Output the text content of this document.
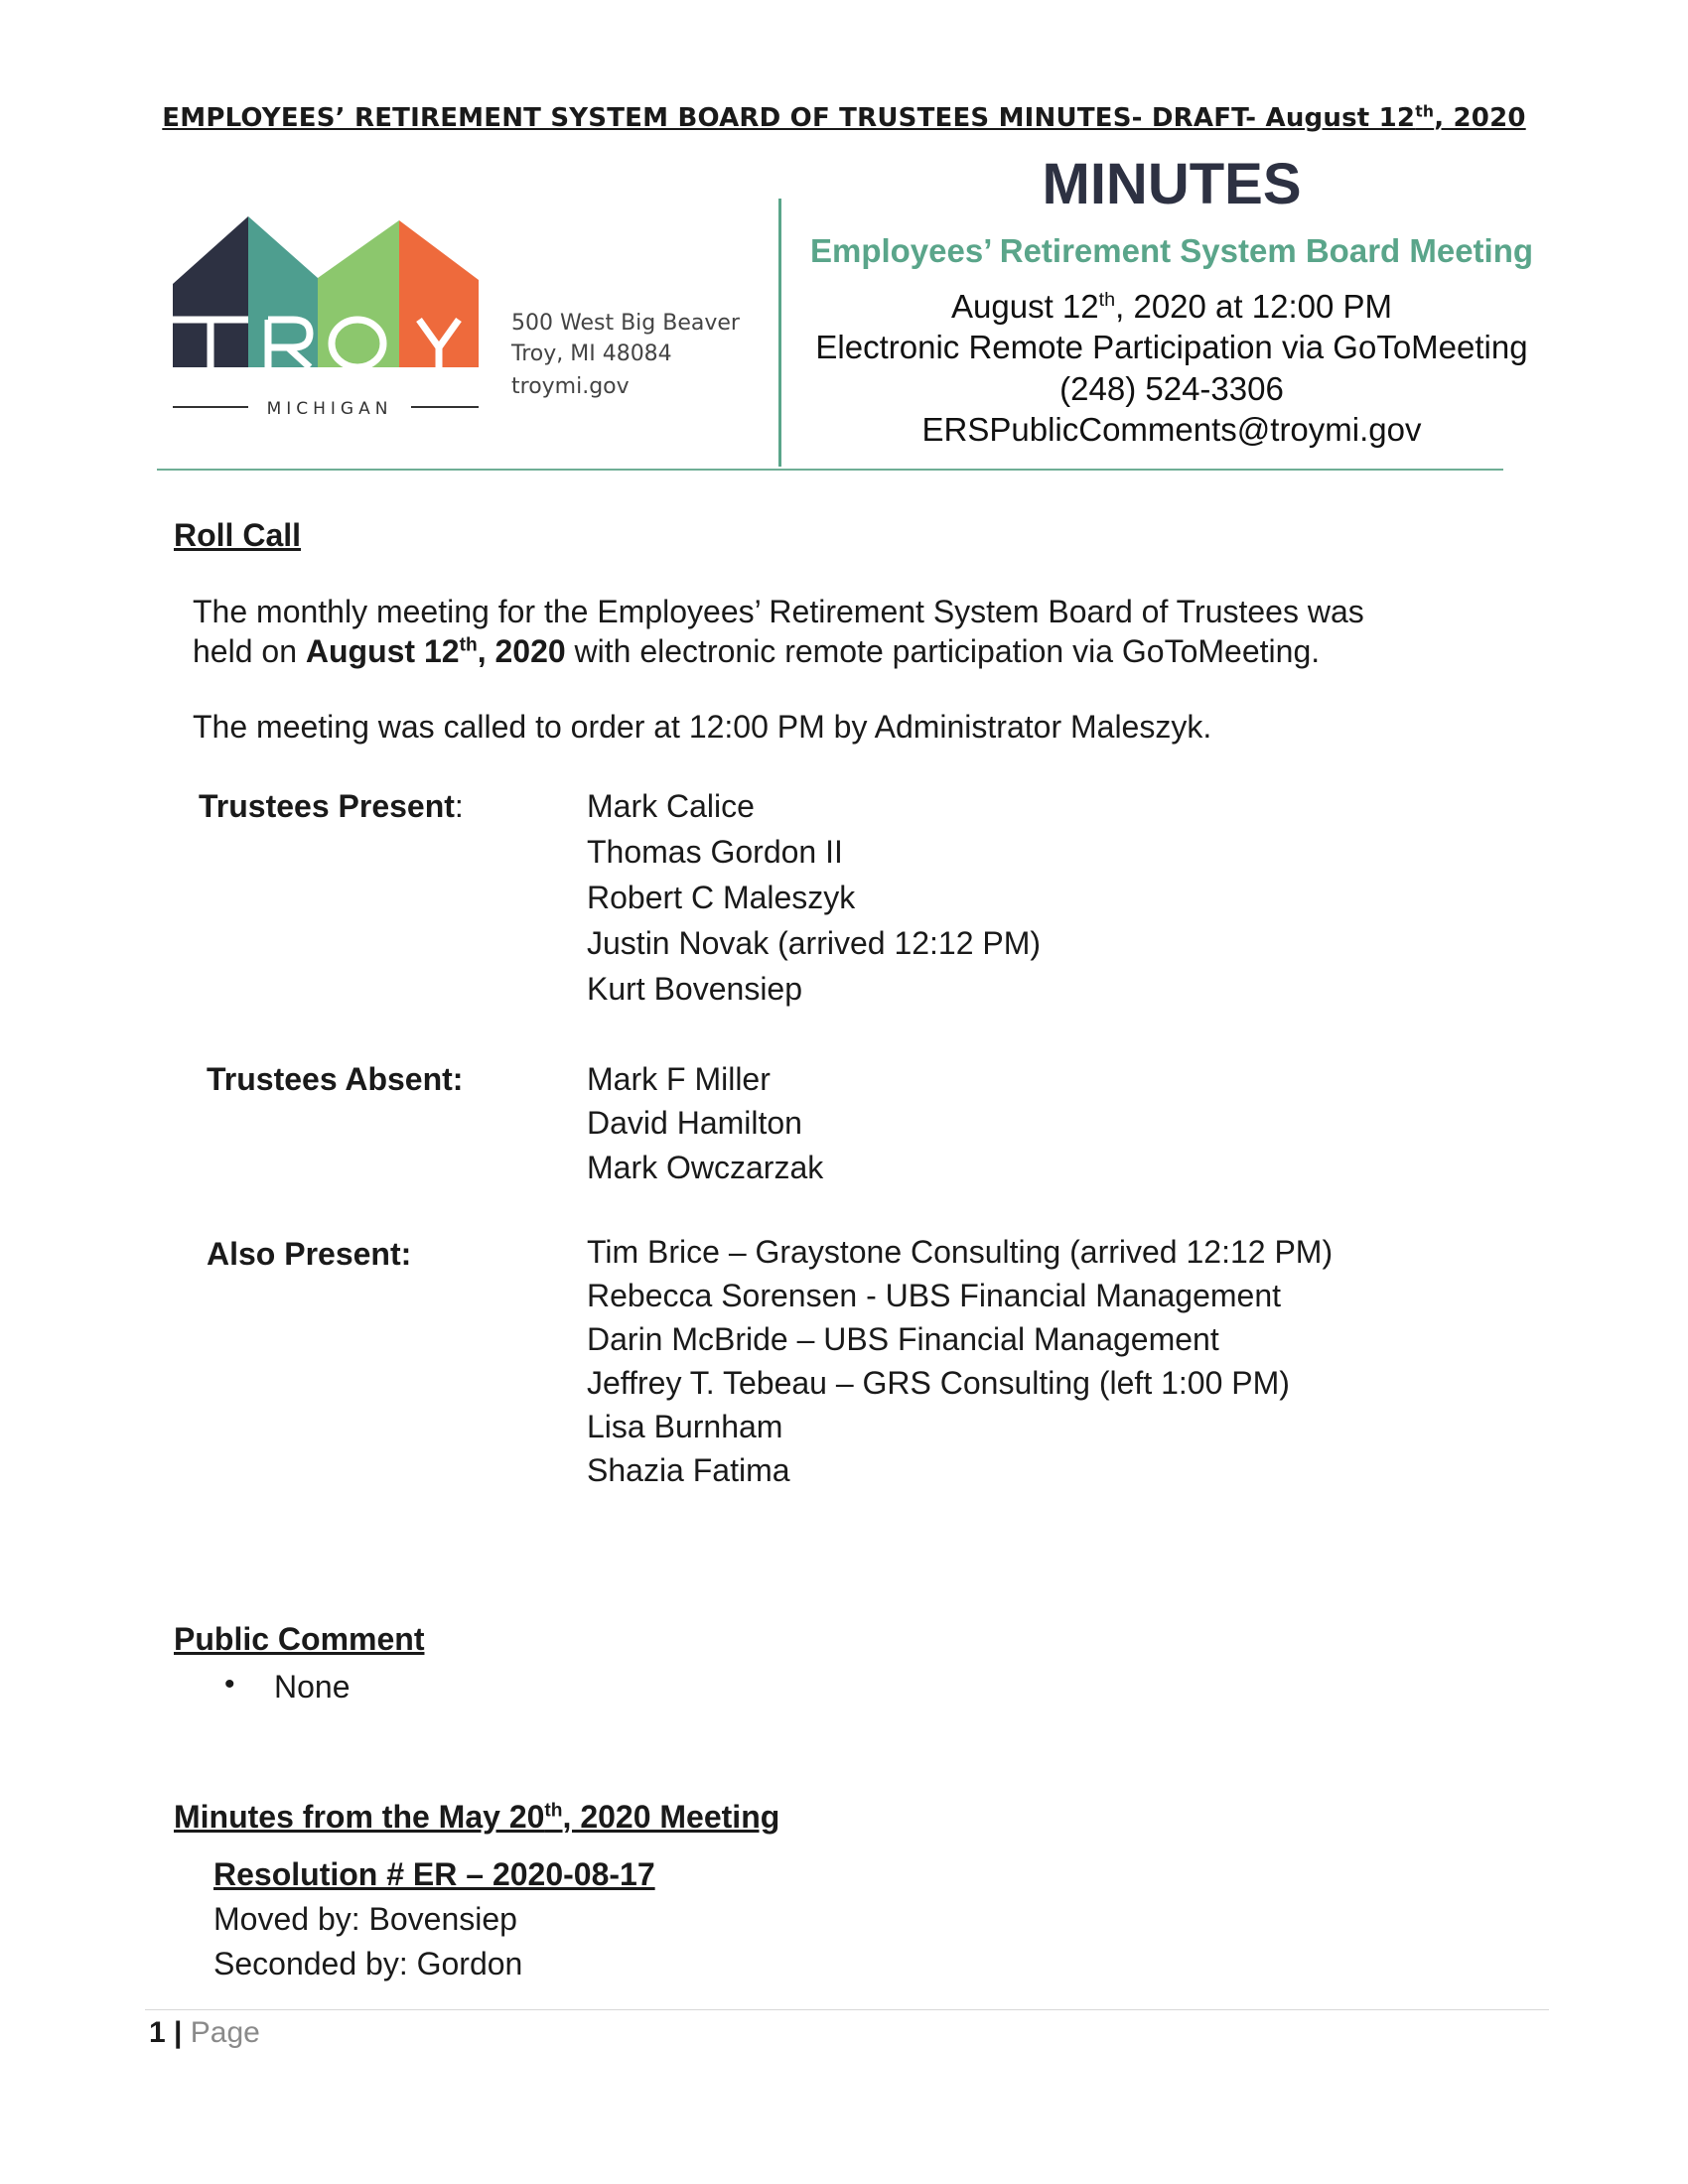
EMPLOYEES’ RETIREMENT SYSTEM BOARD OF TRUSTEES MINUTES- DRAFT- August 12th, 2020
MICHIGAN
500 West Big Beaver
Troy, MI 48084
troymi.gov
MINUTES
Employees’ Retirement System Board Meeting
August 12th, 2020 at 12:00 PM
Electronic Remote Participation via GoToMeeting
(248) 524-3306
ERSPublicComments@troymi.gov
Roll Call
The monthly meeting for the Employees’ Retirement System Board of Trustees was
held on August 12th, 2020 with electronic remote participation via GoToMeeting.
The meeting was called to order at 12:00 PM by Administrator Maleszyk.
Trustees Present:	Mark Calice
Thomas Gordon II
Robert C Maleszyk
Justin Novak (arrived 12:12 PM)
Kurt Bovensiep
Trustees Absent:	Mark F Miller
David Hamilton
Mark Owczarzak
Also Present:	Tim Brice – Graystone Consulting (arrived 12:12 PM)
Rebecca Sorensen - UBS Financial Management
Darin McBride – UBS Financial Management
Jeffrey T. Tebeau – GRS Consulting (left 1:00 PM)
Lisa Burnham
Shazia Fatima
Public Comment
• None
Minutes from the May 20th, 2020 Meeting
Resolution # ER – 2020-08-17
Moved by: Bovensiep
Seconded by: Gordon
1 | Page
